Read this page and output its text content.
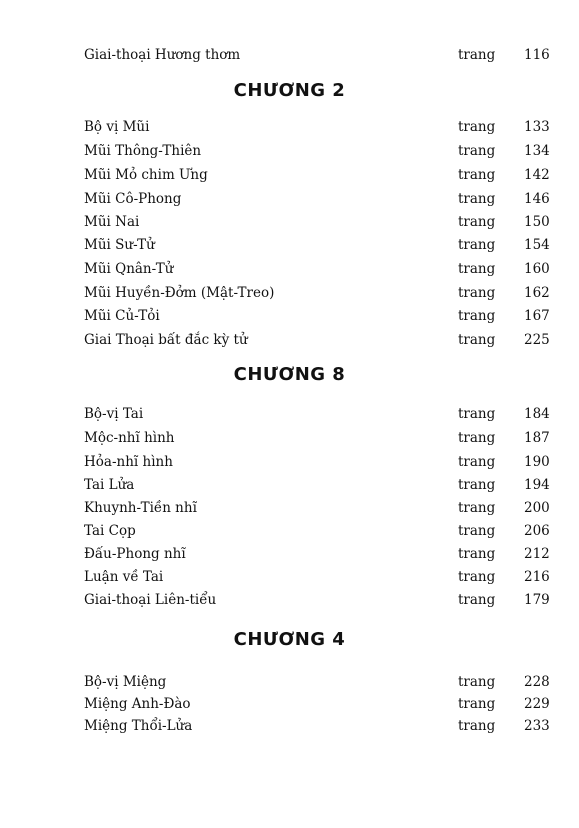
Giai-thoại Hương thơm	trang 116
CHƯƠNG 2
Bộ vị Mũi	trang 133
Mũi Thông-Thiên	trang 134
Mũi Mỏ chim Ưng	trang 142
Mũi Cô-Phong	trang 146
Mũi Nai	trang 150
Mũi Sư-Tử	trang 154
Mũi Qnân-Tử	trang 160
Mũi Huyền-Đởm (Mật-Treo)	trang 162
Mũi Củ-Tỏi	trang 167
Giai Thoại bất đắc kỳ tử	trang 225
CHƯƠNG 8
Bộ-vị Tai	trang 184
Mộc-nhĩ hình	trang 187
Hỏa-nhĩ hình	trang 190
Tai Lửa	trang 194
Khuynh-Tiền nhĩ	trang 200
Tai Cọp	trang 206
Đấu-Phong nhĩ	trang 212
Luận về Tai	trang 216
Giai-thoại Liên-tiểu	trang 179
CHƯƠNG 4
Bộ-vị Miệng	trang 228
Miệng Anh-Đào	trang 229
Miệng Thổi-Lửa	trang 233
